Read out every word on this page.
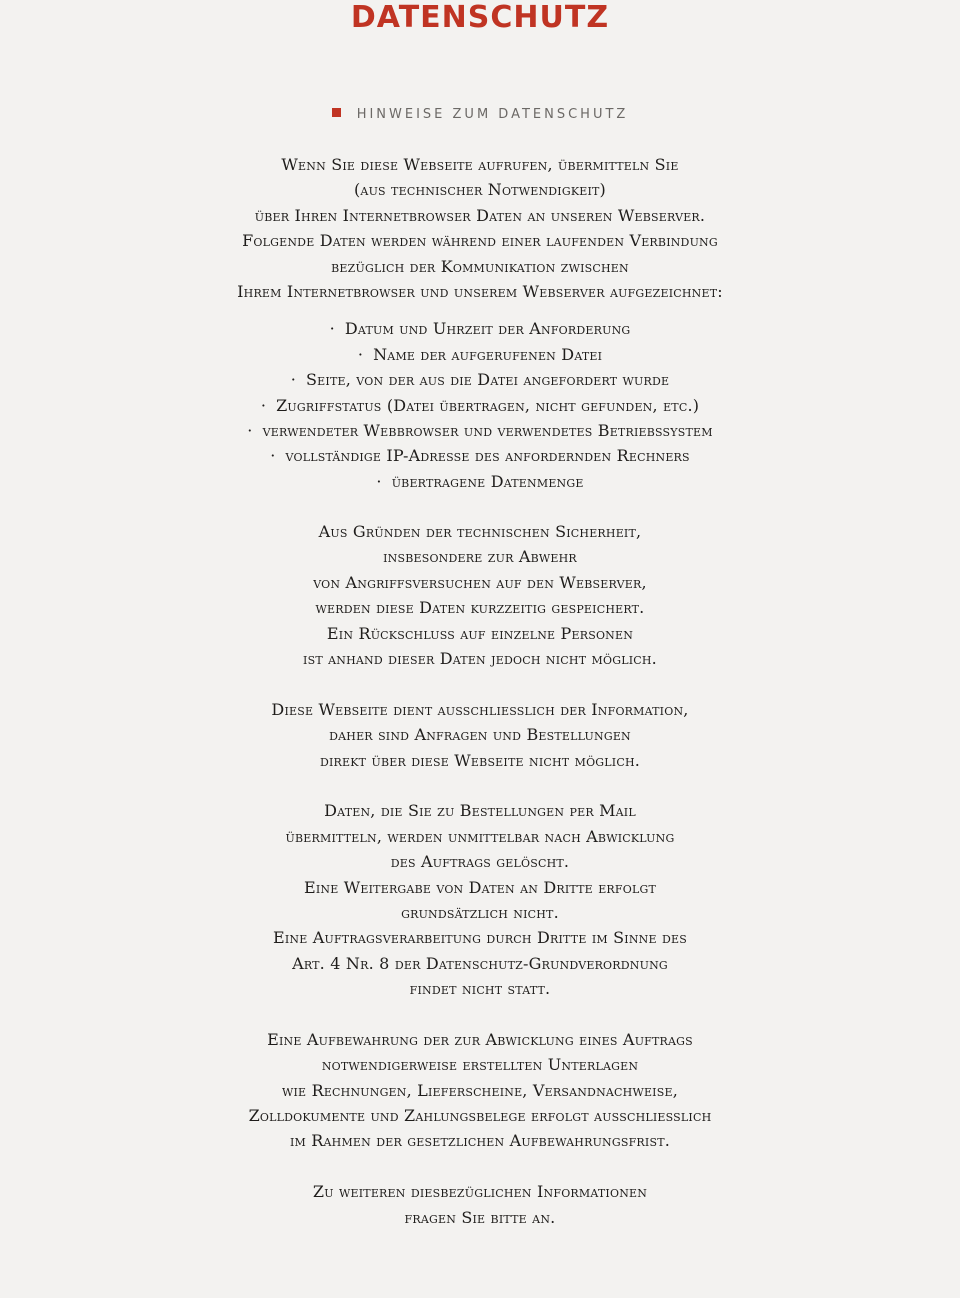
DATENSCHUTZ
HINWEISE ZUM DATENSCHUTZ
Wenn Sie diese Webseite aufrufen, übermitteln Sie
(aus technischer Notwendigkeit)
über Ihren Internetbrowser Daten an unseren Webserver.
Folgende Daten werden während einer laufenden Verbindung
bezüglich der Kommunikation zwischen
Ihrem Internetbrowser und unserem Webserver aufgezeichnet:
· Datum und Uhrzeit der Anforderung
· Name der aufgerufenen Datei
· Seite, von der aus die Datei angefordert wurde
· Zugriffstatus (Datei übertragen, nicht gefunden, etc.)
· verwendeter Webbrowser und verwendetes Betriebssystem
· vollständige IP-Adresse des anfordernden Rechners
· übertragene Datenmenge
Aus Gründen der technischen Sicherheit,
insbesondere zur Abwehr
von Angriffsversuchen auf den Webserver,
werden diese Daten kurzzeitig gespeichert.
Ein Rückschluss auf einzelne Personen
ist anhand dieser Daten jedoch nicht möglich.
Diese Webseite dient ausschliesslich der Information,
daher sind Anfragen und Bestellungen
direkt über diese Webseite nicht möglich.
Daten, die Sie zu Bestellungen per Mail
übermitteln, werden unmittelbar nach Abwicklung
des Auftrags gelöscht.
Eine Weitergabe von Daten an Dritte erfolgt
grundsätzlich nicht.
Eine Auftragsverarbeitung durch Dritte im Sinne des
Art. 4 Nr. 8 der Datenschutz-Grundverordnung
findet nicht statt.
Eine Aufbewahrung der zur Abwicklung eines Auftrags
notwendigerweise erstellten Unterlagen
wie Rechnungen, Lieferscheine, Versandnachweise,
Zolldokumente und Zahlungsbelege erfolgt ausschliesslich
im Rahmen der gesetzlichen Aufbewahrungsfrist.
Zu weiteren diesbezüglichen Informationen
fragen Sie bitte an.
